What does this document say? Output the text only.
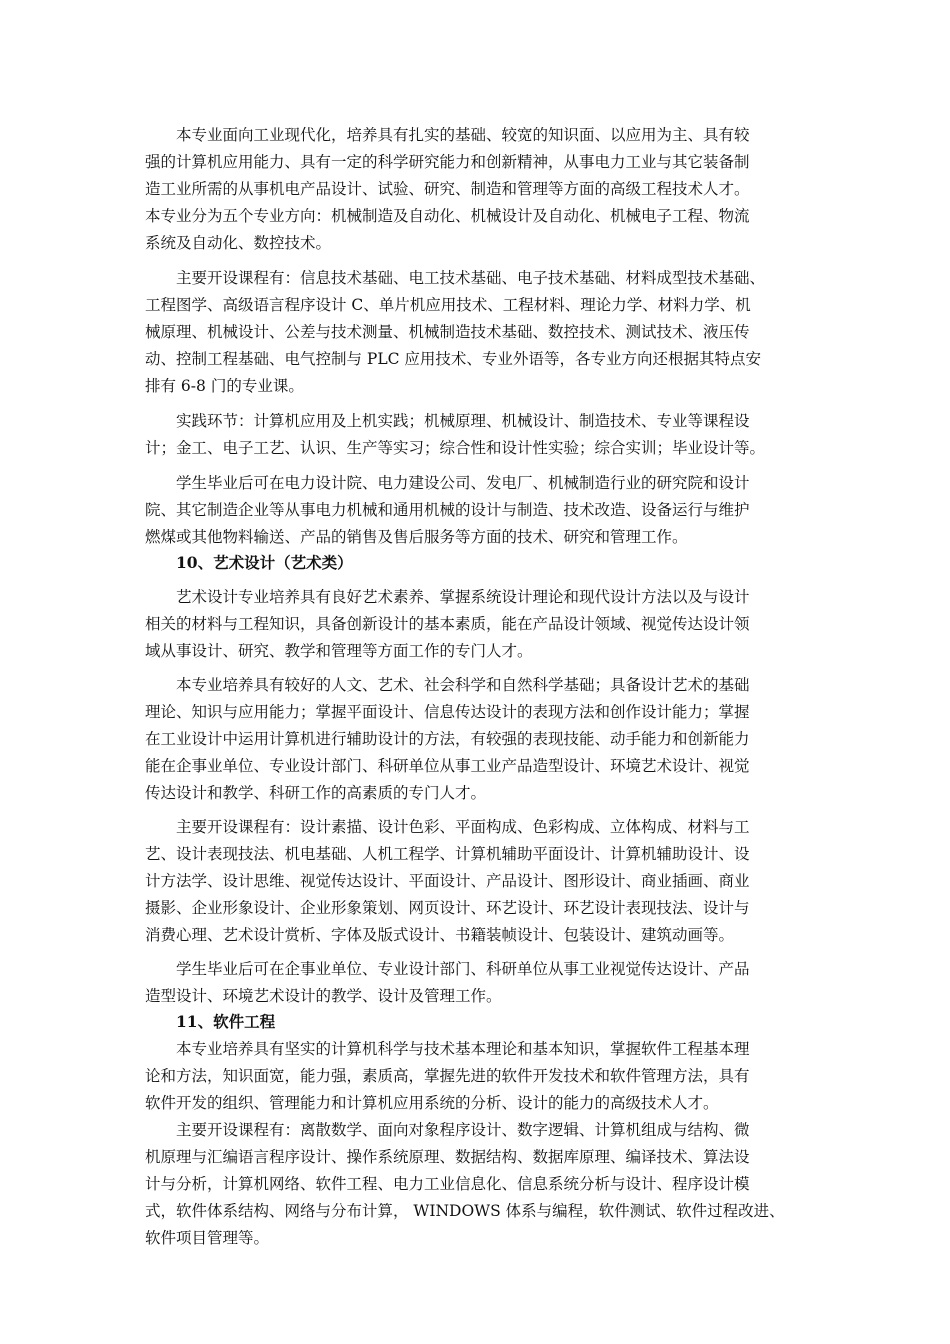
　　本专业面向工业现代化，培养具有扎实的基础、较宽的知识面、以应用为主、具有较
强的计算机应用能力、具有一定的科学研究能力和创新精神，从事电力工业与其它装备制
造工业所需的从事机电产品设计、试验、研究、制造和管理等方面的高级工程技术人才。
本专业分为五个专业方向：机械制造及自动化、机械设计及自动化、机械电子工程、物流
系统及自动化、数控技术。
　　主要开设课程有：信息技术基础、电工技术基础、电子技术基础、材料成型技术基础、
工程图学、高级语言程序设计 C、单片机应用技术、工程材料、理论力学、材料力学、机
械原理、机械设计、公差与技术测量、机械制造技术基础、数控技术、测试技术、液压传
动、控制工程基础、电气控制与 PLC 应用技术、专业外语等，各专业方向还根据其特点安
排有 6-8 门的专业课。
　　实践环节：计算机应用及上机实践；机械原理、机械设计、制造技术、专业等课程设
计；金工、电子工艺、认识、生产等实习；综合性和设计性实验；综合实训；毕业设计等。
　　学生毕业后可在电力设计院、电力建设公司、发电厂、机械制造行业的研究院和设计
院、其它制造企业等从事电力机械和通用机械的设计与制造、技术改造、设备运行与维护
燃煤或其他物料输送、产品的销售及售后服务等方面的技术、研究和管理工作。
　　10、艺术设计（艺术类）
　　艺术设计专业培养具有良好艺术素养、掌握系统设计理论和现代设计方法以及与设计
相关的材料与工程知识，具备创新设计的基本素质，能在产品设计领域、视觉传达设计领
域从事设计、研究、教学和管理等方面工作的专门人才。
　　本专业培养具有较好的人文、艺术、社会科学和自然科学基础；具备设计艺术的基础
理论、知识与应用能力；掌握平面设计、信息传达设计的表现方法和创作设计能力；掌握
在工业设计中运用计算机进行辅助设计的方法，有较强的表现技能、动手能力和创新能力
能在企事业单位、专业设计部门、科研单位从事工业产品造型设计、环境艺术设计、视觉
传达设计和教学、科研工作的高素质的专门人才。
　　主要开设课程有：设计素描、设计色彩、平面构成、色彩构成、立体构成、材料与工
艺、设计表现技法、机电基础、人机工程学、计算机辅助平面设计、计算机辅助设计、设
计方法学、设计思维、视觉传达设计、平面设计、产品设计、图形设计、商业插画、商业
摄影、企业形象设计、企业形象策划、网页设计、环艺设计、环艺设计表现技法、设计与
消费心理、艺术设计赏析、字体及版式设计、书籍装帧设计、包装设计、建筑动画等。
　　学生毕业后可在企事业单位、专业设计部门、科研单位从事工业视觉传达设计、产品
造型设计、环境艺术设计的教学、设计及管理工作。
　　11、软件工程
　　本专业培养具有坚实的计算机科学与技术基本理论和基本知识，掌握软件工程基本理
论和方法，知识面宽，能力强，素质高，掌握先进的软件开发技术和软件管理方法，具有
软件开发的组织、管理能力和计算机应用系统的分析、设计的能力的高级技术人才。
　　主要开设课程有：离散数学、面向对象程序设计、数字逻辑、计算机组成与结构、微
机原理与汇编语言程序设计、操作系统原理、数据结构、数据库原理、编译技术、算法设
计与分析，计算机网络、软件工程、电力工业信息化、信息系统分析与设计、程序设计模
式，软件体系结构、网络与分布计算， WINDOWS 体系与编程，软件测试、软件过程改进、
软件项目管理等。
